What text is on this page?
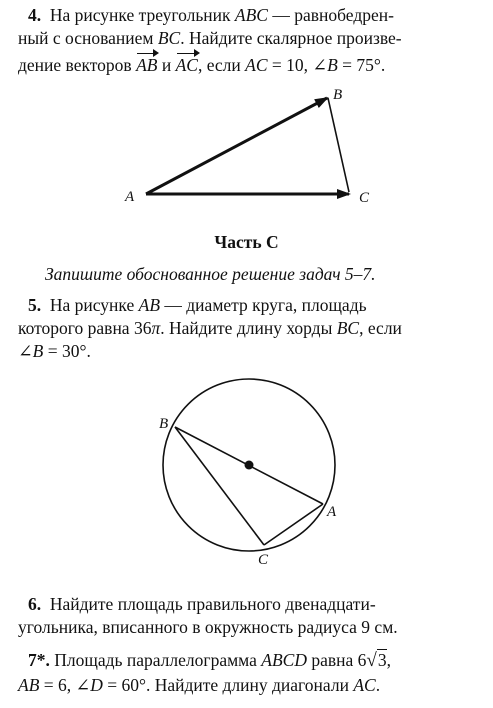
4. На рисунке треугольник ABC — равнобедрен-
ный с основанием BC. Найдите скалярное произве-
дение векторов AB и AC, если AC = 10, ∠B = 75°.
A
B
C
B
A
C
Часть С
Запишите обоснованное решение задач 5–7.
5. На рисунке AB — диаметр круга, площадь
которого равна 36π. Найдите длину хорды BC, если
∠B = 30°.
6. Найдите площадь правильного двенадцати-
угольника, вписанного в окружность радиуса 9 см.
7*. Площадь параллелограмма ABCD равна 6√3,
AB = 6, ∠D = 60°. Найдите длину диагонали AC.
